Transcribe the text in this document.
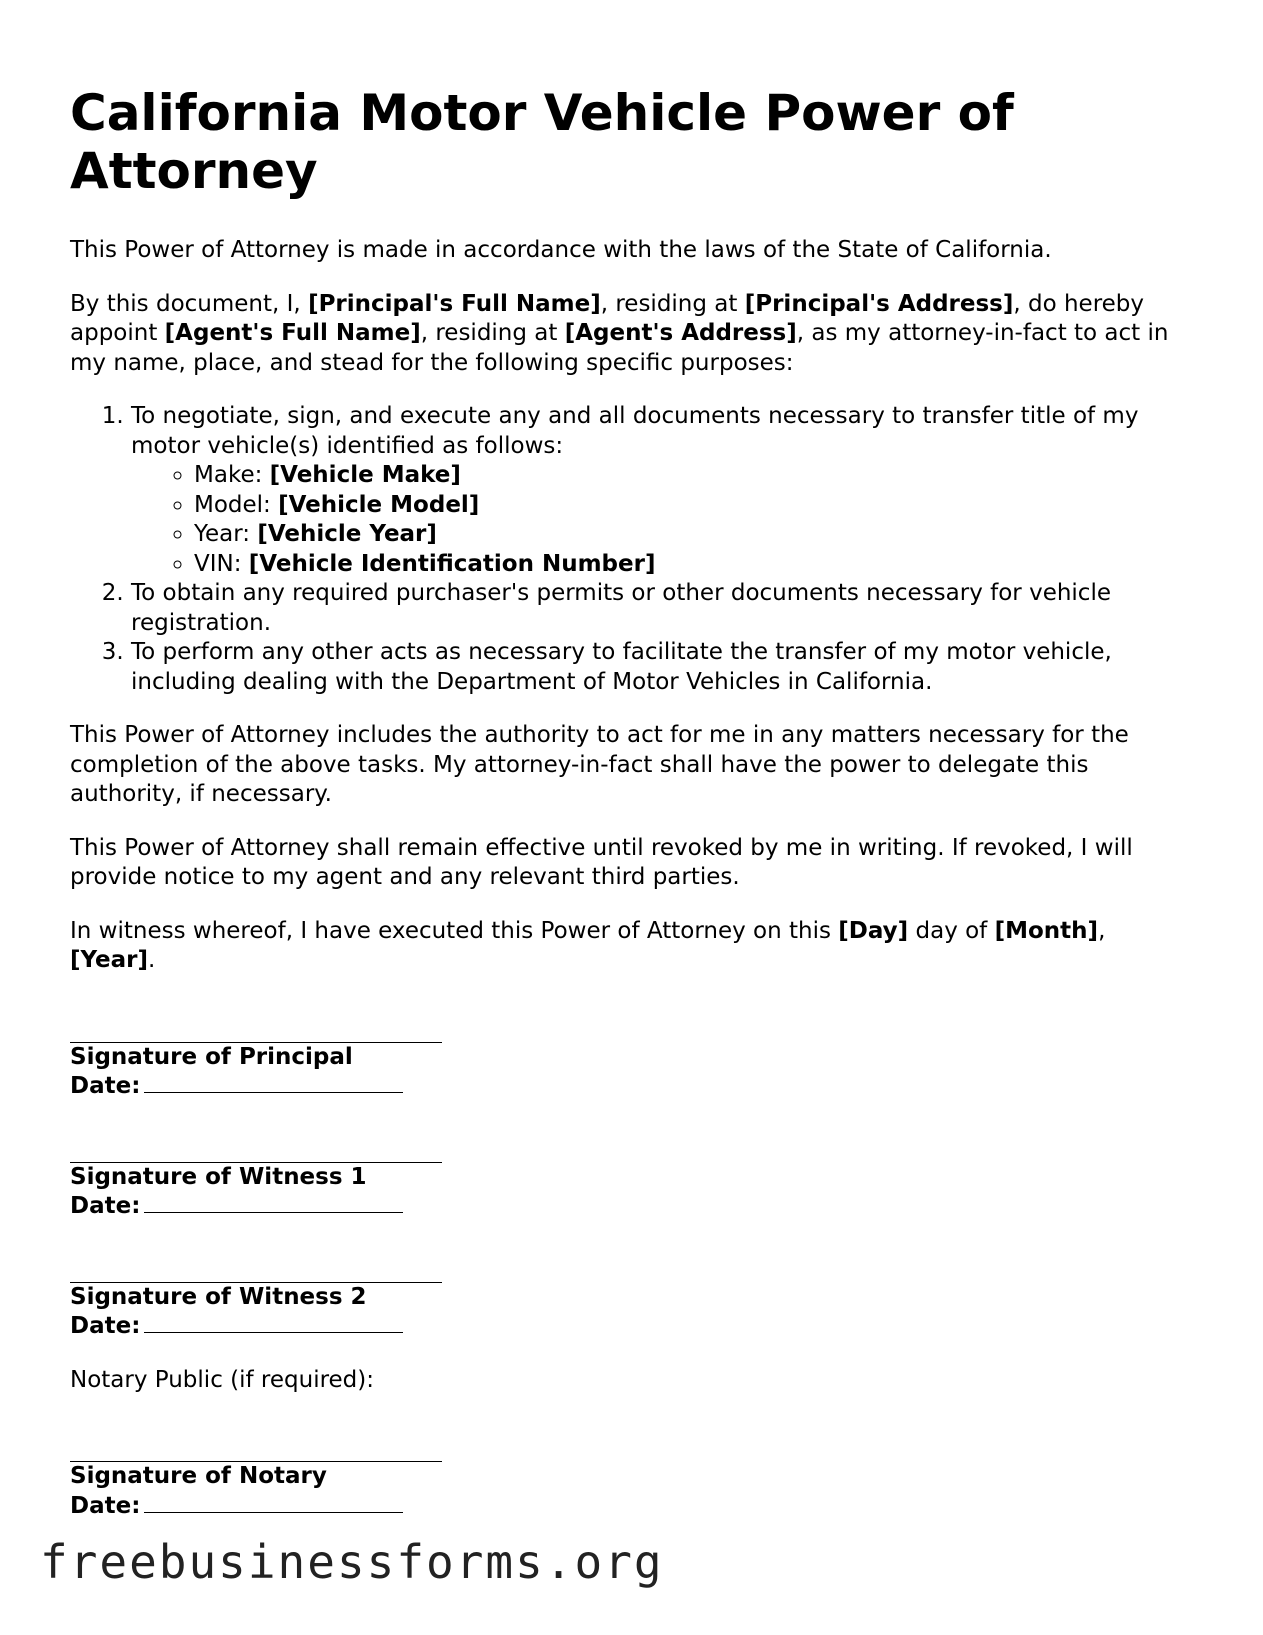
California Motor Vehicle Power of Attorney

This Power of Attorney is made in accordance with the laws of the State of California.

By this document, I, [Principal's Full Name], residing at [Principal's Address], do hereby appoint [Agent's Full Name], residing at [Agent's Address], as my attorney-in-fact to act in my name, place, and stead for the following specific purposes:

1. To negotiate, sign, and execute any and all documents necessary to transfer title of my motor vehicle(s) identified as follows:
◦ Make: [Vehicle Make]
◦ Model: [Vehicle Model]
◦ Year: [Vehicle Year]
◦ VIN: [Vehicle Identification Number]
2. To obtain any required purchaser's permits or other documents necessary for vehicle registration.
3. To perform any other acts as necessary to facilitate the transfer of my motor vehicle, including dealing with the Department of Motor Vehicles in California.

This Power of Attorney includes the authority to act for me in any matters necessary for the completion of the above tasks. My attorney-in-fact shall have the power to delegate this authority, if necessary.

This Power of Attorney shall remain effective until revoked by me in writing. If revoked, I will provide notice to my agent and any relevant third parties.

In witness whereof, I have executed this Power of Attorney on this [Day] day of [Month], [Year].

Signature of Principal
Date:
Signature of Witness 1
Date:
Signature of Witness 2
Date:

Notary Public (if required):

Signature of Notary
Date:
freebusinessforms.org
